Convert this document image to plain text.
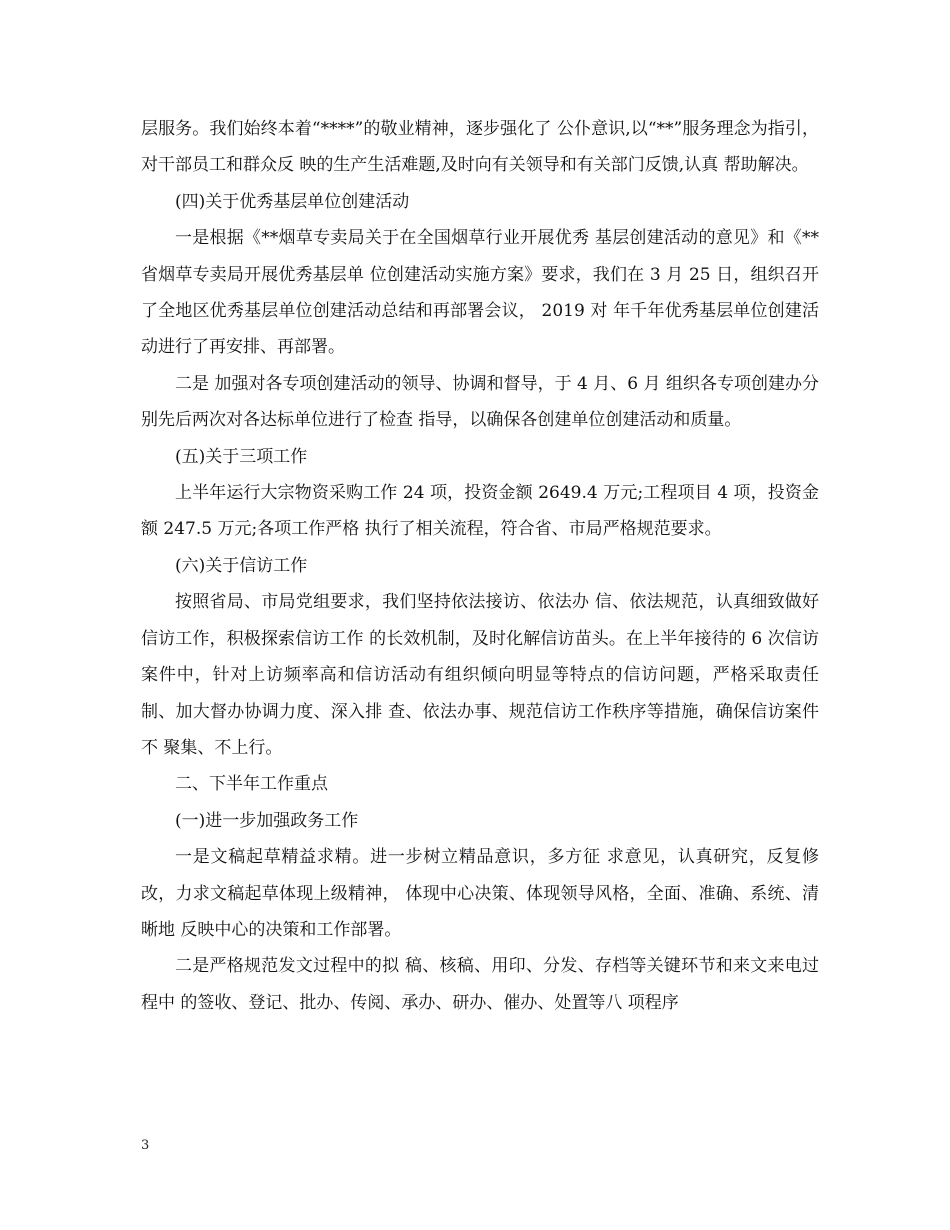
层服务。我们始终本着“****”的敬业精神，逐步强化了 公仆意识,以“**”服务理念为指引，对干部员工和群众反 映的生产生活难题,及时向有关领导和有关部门反馈,认真 帮助解决。

(四)关于优秀基层单位创建活动

一是根据《**烟草专卖局关于在全国烟草行业开展优秀 基层创建活动的意见》和《**省烟草专卖局开展优秀基层单 位创建活动实施方案》要求，我们在 3 月 25 日，组织召开 了全地区优秀基层单位创建活动总结和再部署会议， 2019 对 年千年优秀基层单位创建活动进行了再安排、再部署。

二是 加强对各专项创建活动的领导、协调和督导，于 4 月、6 月 组织各专项创建办分别先后两次对各达标单位进行了检查 指导，以确保各创建单位创建活动和质量。

(五)关于三项工作

上半年运行大宗物资采购工作 24 项，投资金额 2649.4 万元;工程项目 4 项，投资金额 247.5 万元;各项工作严格 执行了相关流程，符合省、市局严格规范要求。

(六)关于信访工作

按照省局、市局党组要求，我们坚持依法接访、依法办 信、依法规范，认真细致做好信访工作，积极探索信访工作 的长效机制，及时化解信访苗头。在上半年接待的 6 次信访 案件中，针对上访频率高和信访活动有组织倾向明显等特点的信访问题，严格采取责任制、加大督办协调力度、深入排 查、依法办事、规范信访工作秩序等措施，确保信访案件不 聚集、不上行。

二、下半年工作重点

(一)进一步加强政务工作

一是文稿起草精益求精。进一步树立精品意识，多方征 求意见，认真研究，反复修改，力求文稿起草体现上级精神， 体现中心决策、体现领导风格，全面、准确、系统、清晰地 反映中心的决策和工作部署。

二是严格规范发文过程中的拟 稿、核稿、用印、分发、存档等关键环节和来文来电过程中 的签收、登记、批办、传阅、承办、研办、催办、处置等八 项程序

3
